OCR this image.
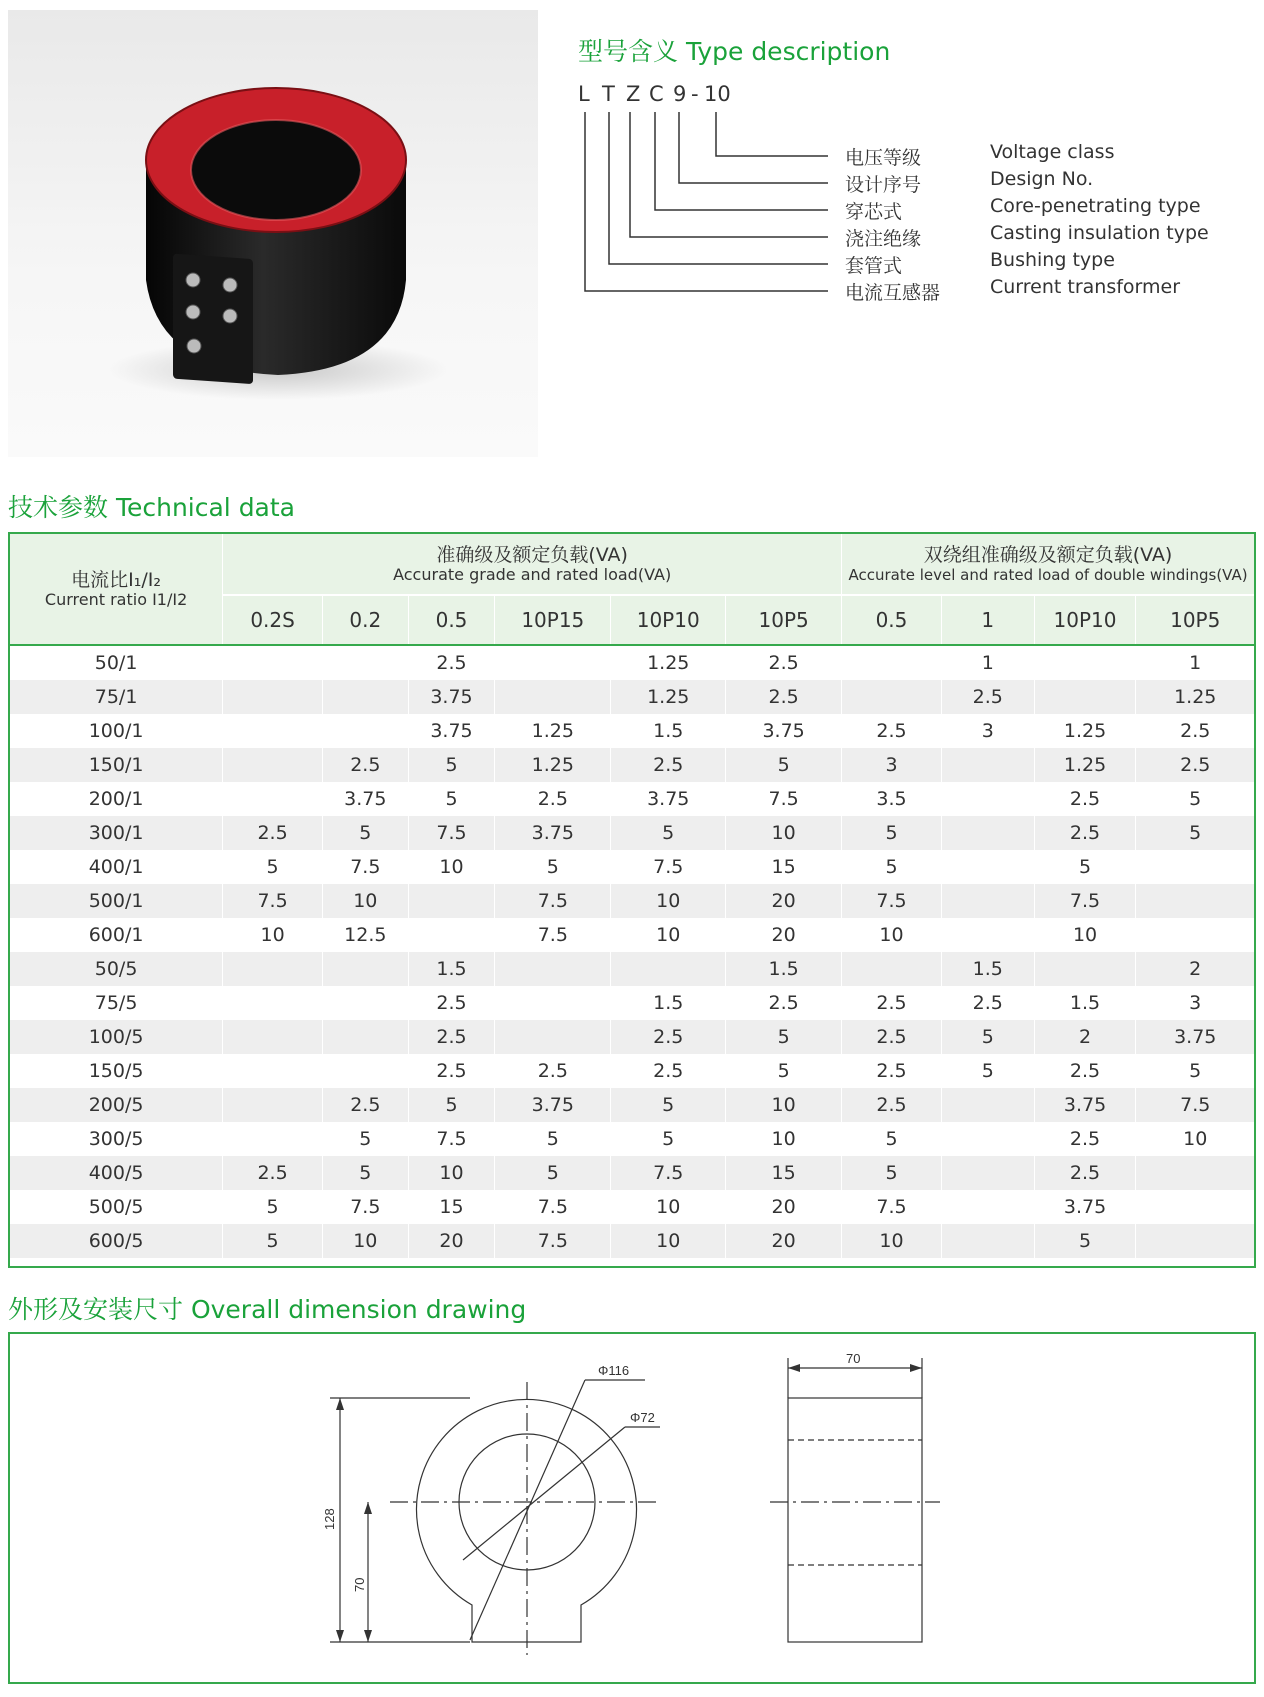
型号含义 Type description
L T Z C 9 - 10
电压等级
设计序号
穿芯式
浇注绝缘
套管式
电流互感器
Voltage class
Design No.
Core-penetrating type
Casting insulation type
Bushing type
Current transformer
技术参数 Technical data
电流比I₁/I₂
Current ratio I1/I2	准确级及额定负载(VA)
Accurate grade and rated load(VA)						双绕组准确级及额定负载(VA)
Accurate level and rated load of double windings(VA)			

	0.2S	0.2	0.5	10P15	10P10	10P5	0.5	1	10P10	10P5
50/1			2.5		1.25	2.5		1		1
75/1			3.75		1.25	2.5		2.5		1.25
100/1			3.75	1.25	1.5	3.75	2.5	3	1.25	2.5
150/1		2.5	5	1.25	2.5	5	3		1.25	2.5
200/1		3.75	5	2.5	3.75	7.5	3.5		2.5	5
300/1	2.5	5	7.5	3.75	5	10	5		2.5	5
400/1	5	7.5	10	5	7.5	15	5		5	
500/1	7.5	10		7.5	10	20	7.5		7.5	
600/1	10	12.5		7.5	10	20	10		10	
50/5			1.5			1.5		1.5		2
75/5			2.5		1.5	2.5	2.5	2.5	1.5	3
100/5			2.5		2.5	5	2.5	5	2	3.75
150/5			2.5	2.5	2.5	5	2.5	5	2.5	5
200/5		2.5	5	3.75	5	10	2.5		3.75	7.5
300/5		5	7.5	5	5	10	5		2.5	10
400/5	2.5	5	10	5	7.5	15	5		2.5	
500/5	5	7.5	15	7.5	10	20	7.5		3.75	
600/5	5	10	20	7.5	10	20	10		5	
外形及安装尺寸 Overall dimension drawing
Φ116
Φ72
128
70
70
